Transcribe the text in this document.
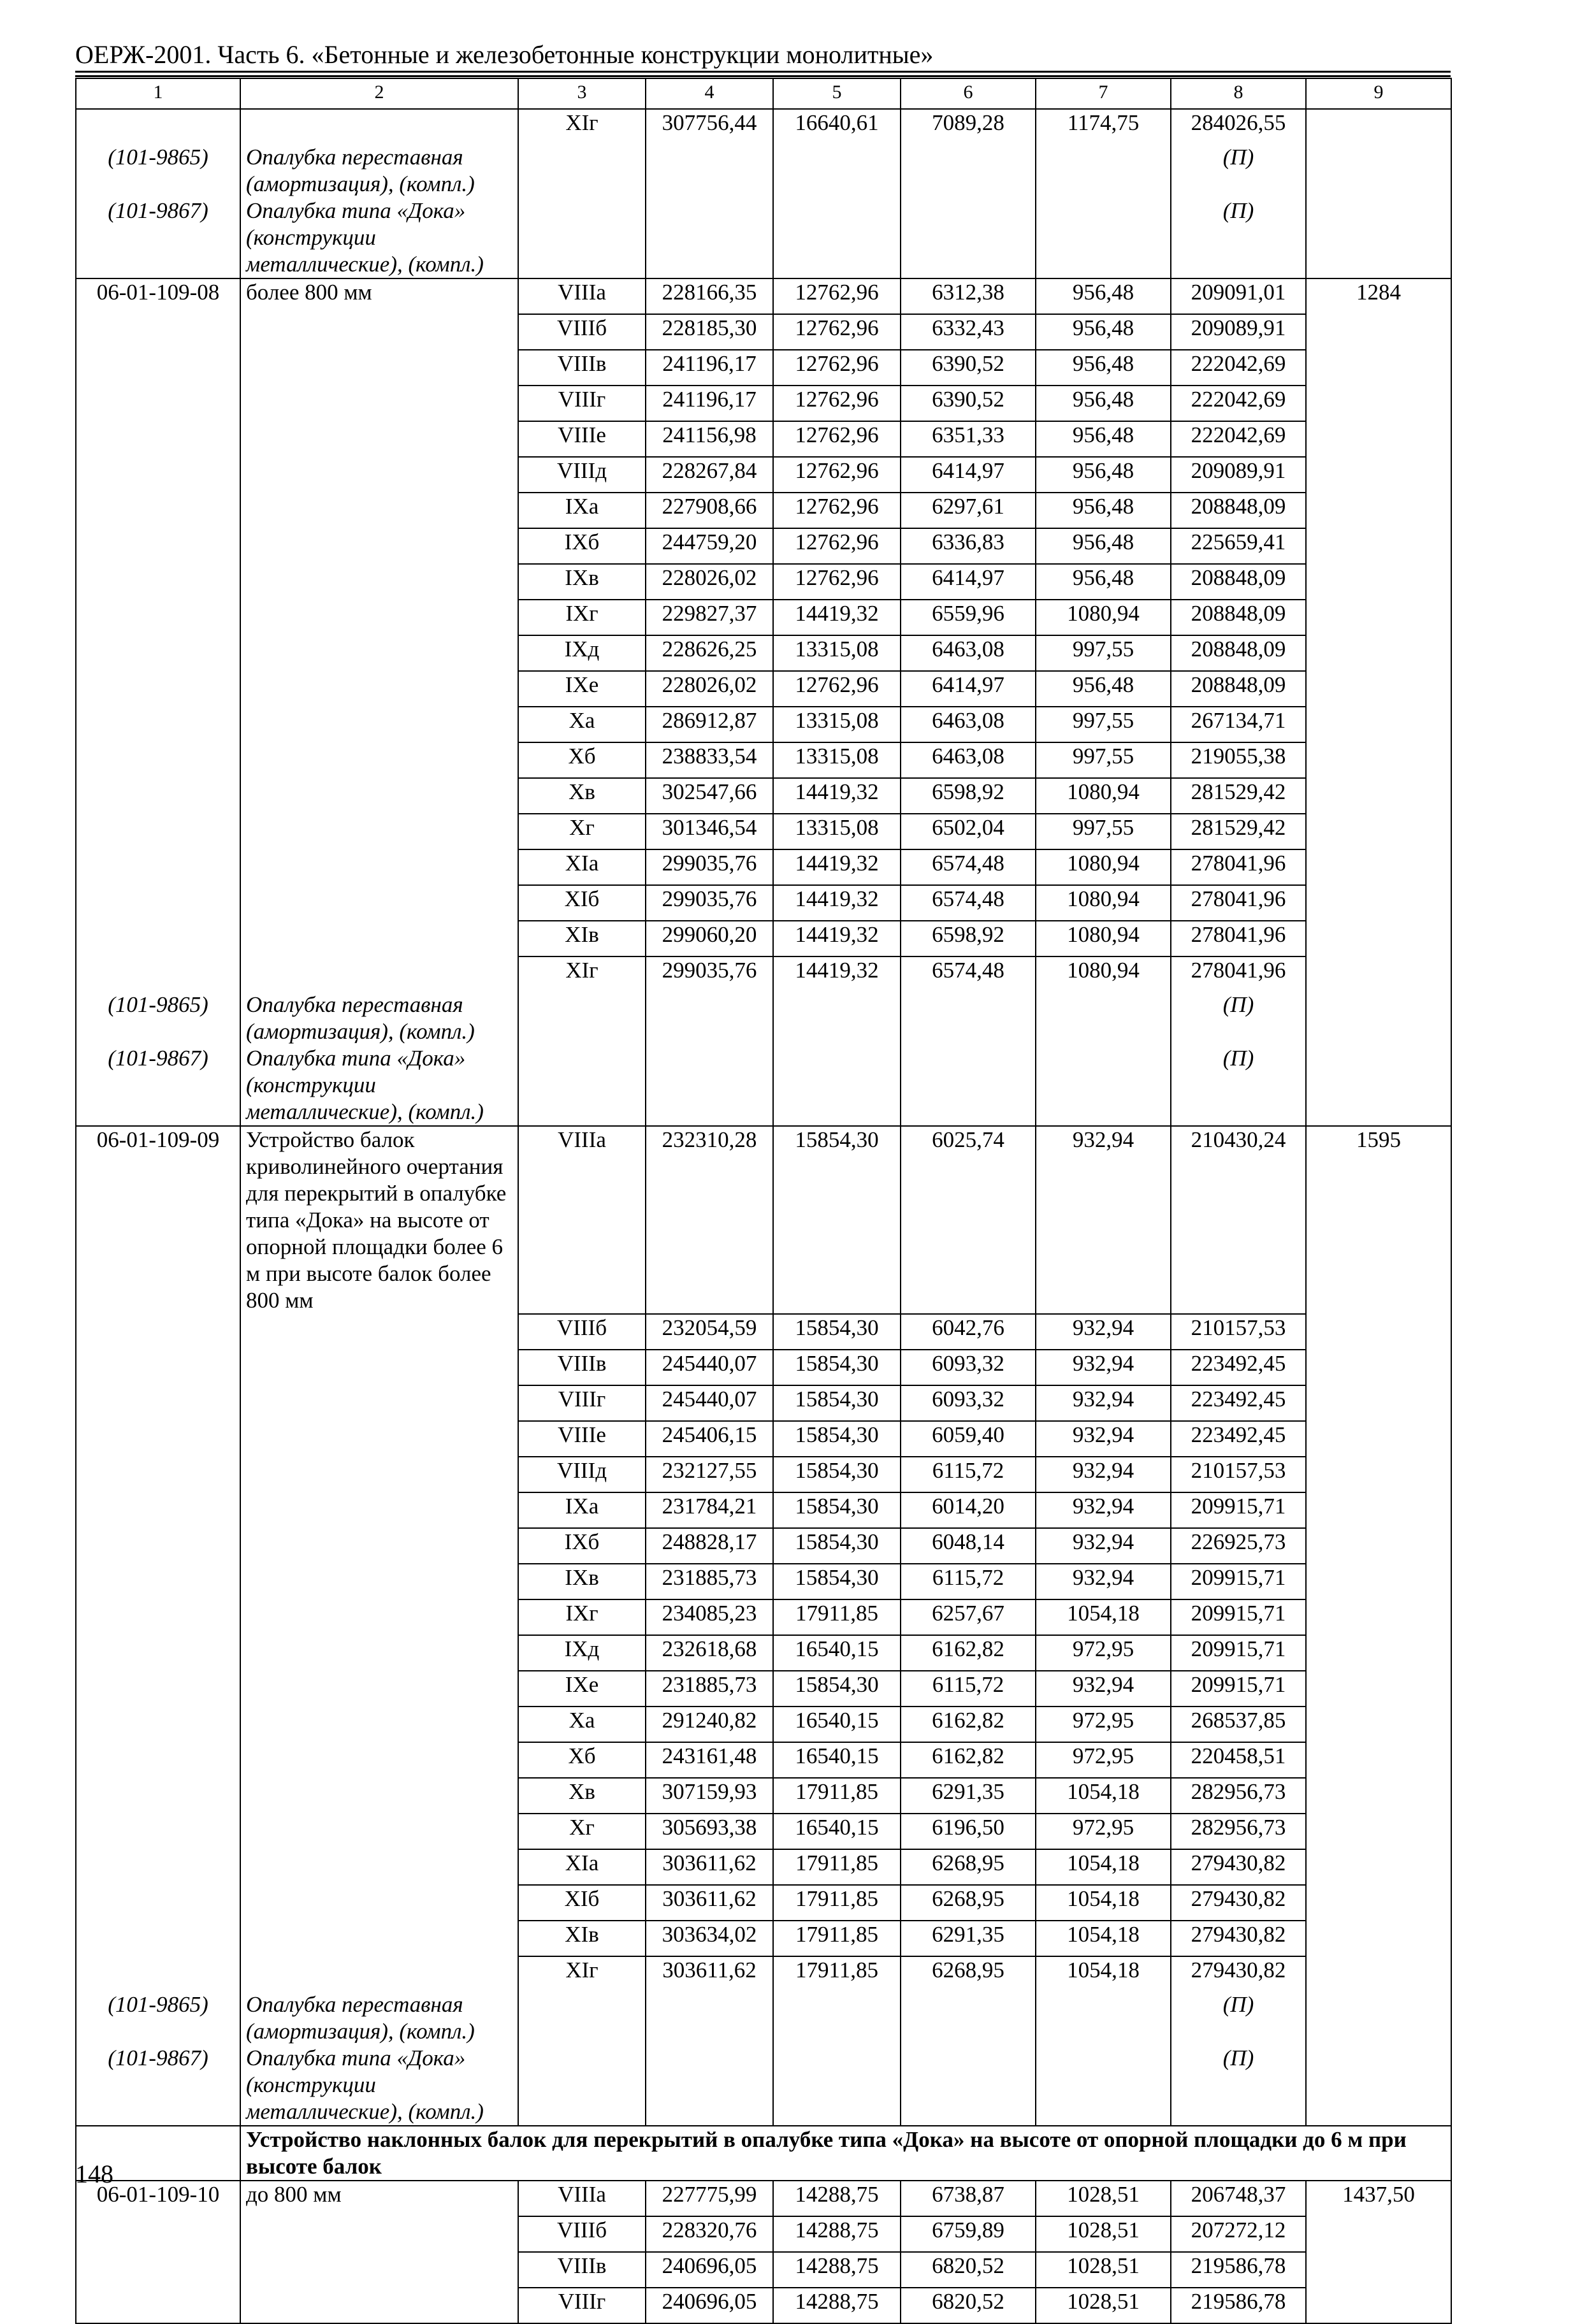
ОЕРЖ-2001. Часть 6. «Бетонные и железобетонные конструкции монолитные»
1	2	3	4	5	6	7	8	9
		XIг	307756,44	16640,61	7089,28	1174,75	284026,55	
(101-9865)	Опалубка переставная (амортизация), (компл.)						(П)	
(101-9867)	Опалубка типа «Дока» (конструкции металлические), (компл.)						(П)	
06-01-109-08	более 800 мм	VIIIа	228166,35	12762,96	6312,38	956,48	209091,01	1284
		VIIIб	228185,30	12762,96	6332,43	956,48	209089,91	
		VIIIв	241196,17	12762,96	6390,52	956,48	222042,69	
		VIIIг	241196,17	12762,96	6390,52	956,48	222042,69	
		VIIIе	241156,98	12762,96	6351,33	956,48	222042,69	
		VIIIд	228267,84	12762,96	6414,97	956,48	209089,91	
		IXа	227908,66	12762,96	6297,61	956,48	208848,09	
		IXб	244759,20	12762,96	6336,83	956,48	225659,41	
		IXв	228026,02	12762,96	6414,97	956,48	208848,09	
		IXг	229827,37	14419,32	6559,96	1080,94	208848,09	
		IXд	228626,25	13315,08	6463,08	997,55	208848,09	
		IXе	228026,02	12762,96	6414,97	956,48	208848,09	
		Xа	286912,87	13315,08	6463,08	997,55	267134,71	
		Xб	238833,54	13315,08	6463,08	997,55	219055,38	
		Xв	302547,66	14419,32	6598,92	1080,94	281529,42	
		Xг	301346,54	13315,08	6502,04	997,55	281529,42	
		XIа	299035,76	14419,32	6574,48	1080,94	278041,96	
		XIб	299035,76	14419,32	6574,48	1080,94	278041,96	
		XIв	299060,20	14419,32	6598,92	1080,94	278041,96	
		XIг	299035,76	14419,32	6574,48	1080,94	278041,96	
(101-9865)	Опалубка переставная (амортизация), (компл.)						(П)	
(101-9867)	Опалубка типа «Дока» (конструкции металлические), (компл.)						(П)	
06-01-109-09	Устройство балок криволинейного очертания для перекрытий в опалубке типа «Дока» на высоте от опорной площадки более 6 м при высоте балок более 800 мм	VIIIа	232310,28	15854,30	6025,74	932,94	210430,24	1595
		VIIIб	232054,59	15854,30	6042,76	932,94	210157,53	
		VIIIв	245440,07	15854,30	6093,32	932,94	223492,45	
		VIIIг	245440,07	15854,30	6093,32	932,94	223492,45	
		VIIIе	245406,15	15854,30	6059,40	932,94	223492,45	
		VIIIд	232127,55	15854,30	6115,72	932,94	210157,53	
		IXа	231784,21	15854,30	6014,20	932,94	209915,71	
		IXб	248828,17	15854,30	6048,14	932,94	226925,73	
		IXв	231885,73	15854,30	6115,72	932,94	209915,71	
		IXг	234085,23	17911,85	6257,67	1054,18	209915,71	
		IXд	232618,68	16540,15	6162,82	972,95	209915,71	
		IXе	231885,73	15854,30	6115,72	932,94	209915,71	
		Xа	291240,82	16540,15	6162,82	972,95	268537,85	
		Xб	243161,48	16540,15	6162,82	972,95	220458,51	
		Xв	307159,93	17911,85	6291,35	1054,18	282956,73	
		Xг	305693,38	16540,15	6196,50	972,95	282956,73	
		XIа	303611,62	17911,85	6268,95	1054,18	279430,82	
		XIб	303611,62	17911,85	6268,95	1054,18	279430,82	
		XIв	303634,02	17911,85	6291,35	1054,18	279430,82	
		XIг	303611,62	17911,85	6268,95	1054,18	279430,82	
(101-9865)	Опалубка переставная (амортизация), (компл.)						(П)	
(101-9867)	Опалубка типа «Дока» (конструкции металлические), (компл.)						(П)	
	Устройство наклонных балок для перекрытий в опалубке типа «Дока» на высоте от опорной площадки до 6 м при высоте балок							
06-01-109-10	до 800 мм	VIIIа	227775,99	14288,75	6738,87	1028,51	206748,37	1437,50
		VIIIб	228320,76	14288,75	6759,89	1028,51	207272,12	
		VIIIв	240696,05	14288,75	6820,52	1028,51	219586,78	
		VIIIг	240696,05	14288,75	6820,52	1028,51	219586,78	
148
